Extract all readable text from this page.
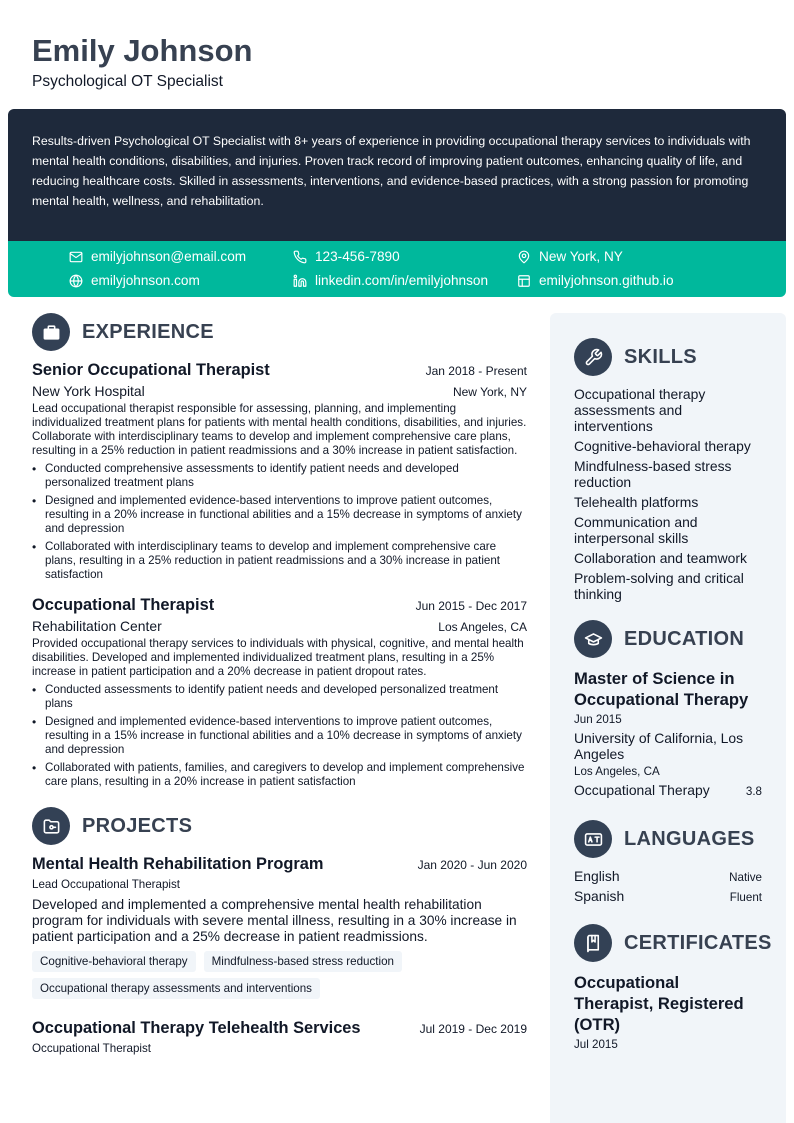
Emily Johnson
Psychological OT Specialist
Results-driven Psychological OT Specialist with 8+ years of experience in providing occupational therapy services to individuals with mental health conditions, disabilities, and injuries. Proven track record of improving patient outcomes, enhancing quality of life, and reducing healthcare costs. Skilled in assessments, interventions, and evidence-based practices, with a strong passion for promoting mental health, wellness, and rehabilitation.
emilyjohnson@email.com	123-456-7890	New York, NY
emilyjohnson.com	linkedin.com/in/emilyjohnson	emilyjohnson.github.io
EXPERIENCE
Senior Occupational Therapist	Jan 2018 - Present
New York Hospital	New York, NY
Lead occupational therapist responsible for assessing, planning, and implementing individualized treatment plans for patients with mental health conditions, disabilities, and injuries. Collaborate with interdisciplinary teams to develop and implement comprehensive care plans, resulting in a 25% reduction in patient readmissions and a 30% increase in patient satisfaction.
• Conducted comprehensive assessments to identify patient needs and developed personalized treatment plans
• Designed and implemented evidence-based interventions to improve patient outcomes, resulting in a 20% increase in functional abilities and a 15% decrease in symptoms of anxiety and depression
• Collaborated with interdisciplinary teams to develop and implement comprehensive care plans, resulting in a 25% reduction in patient readmissions and a 30% increase in patient satisfaction
Occupational Therapist	Jun 2015 - Dec 2017
Rehabilitation Center	Los Angeles, CA
Provided occupational therapy services to individuals with physical, cognitive, and mental health disabilities. Developed and implemented individualized treatment plans, resulting in a 25% increase in patient participation and a 20% decrease in patient dropout rates.
• Conducted assessments to identify patient needs and developed personalized treatment plans
• Designed and implemented evidence-based interventions to improve patient outcomes, resulting in a 15% increase in functional abilities and a 10% decrease in symptoms of anxiety and depression
• Collaborated with patients, families, and caregivers to develop and implement comprehensive care plans, resulting in a 20% increase in patient satisfaction
PROJECTS
Mental Health Rehabilitation Program	Jan 2020 - Jun 2020
Lead Occupational Therapist
Developed and implemented a comprehensive mental health rehabilitation program for individuals with severe mental illness, resulting in a 30% increase in patient participation and a 25% decrease in patient readmissions.
Cognitive-behavioral therapy	Mindfulness-based stress reduction
Occupational therapy assessments and interventions
Occupational Therapy Telehealth Services	Jul 2019 - Dec 2019
Occupational Therapist
SKILLS
Occupational therapy assessments and interventions
Cognitive-behavioral therapy
Mindfulness-based stress reduction
Telehealth platforms
Communication and interpersonal skills
Collaboration and teamwork
Problem-solving and critical thinking
EDUCATION
Master of Science in Occupational Therapy
Jun 2015
University of California, Los Angeles
Los Angeles, CA
Occupational Therapy	3.8
LANGUAGES
English	Native
Spanish	Fluent
CERTIFICATES
Occupational Therapist, Registered (OTR)
Jul 2015
